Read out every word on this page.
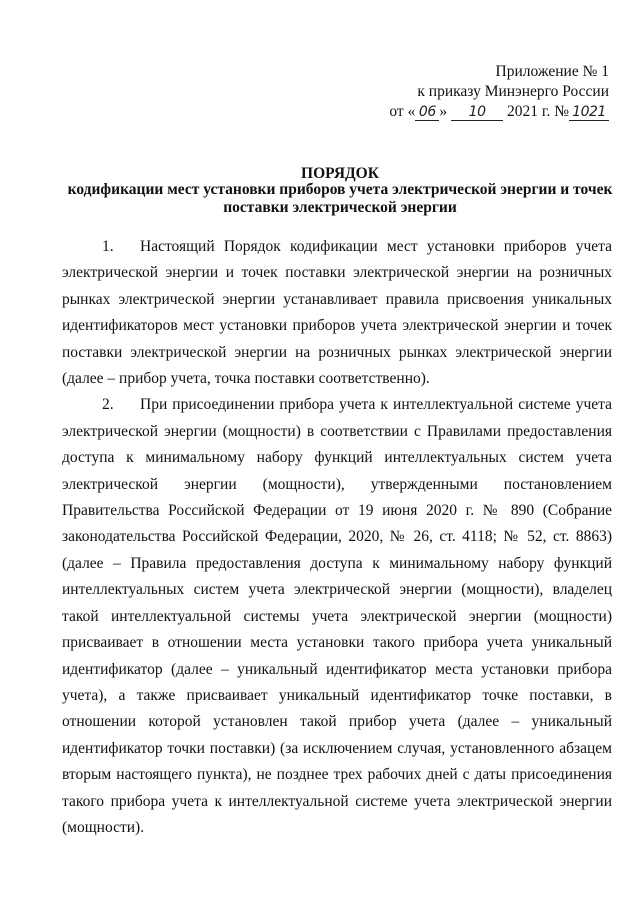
Приложение № 1
к приказу Минэнерго России
от « 06 » 10 2021 г. № 1021
ПОРЯДОК
кодификации мест установки приборов учета электрической энергии и точек
поставки электрической энергии

1. Настоящий Порядок кодификации мест установки приборов учета электрической энергии и точек поставки электрической энергии на розничных рынках электрической энергии устанавливает правила присвоения уникальных идентификаторов мест установки приборов учета электрической энергии и точек поставки электрической энергии на розничных рынках электрической энергии (далее – прибор учета, точка поставки соответственно).

2. При присоединении прибора учета к интеллектуальной системе учета электрической энергии (мощности) в соответствии с Правилами предоставления доступа к минимальному набору функций интеллектуальных систем учета электрической энергии (мощности), утвержденными постановлением Правительства Российской Федерации от 19 июня 2020 г. № 890 (Собрание законодательства Российской Федерации, 2020, № 26, ст. 4118; № 52, ст. 8863) (далее – Правила предоставления доступа к минимальному набору функций интеллектуальных систем учета электрической энергии (мощности), владелец такой интеллектуальной системы учета электрической энергии (мощности) присваивает в отношении места установки такого прибора учета уникальный идентификатор (далее – уникальный идентификатор места установки прибора учета), а также присваивает уникальный идентификатор точке поставки, в отношении которой установлен такой прибор учета (далее – уникальный идентификатор точки поставки) (за исключением случая, установленного абзацем вторым настоящего пункта), не позднее трех рабочих дней с даты присоединения такого прибора учета к интеллектуальной системе учета электрической энергии (мощности).
